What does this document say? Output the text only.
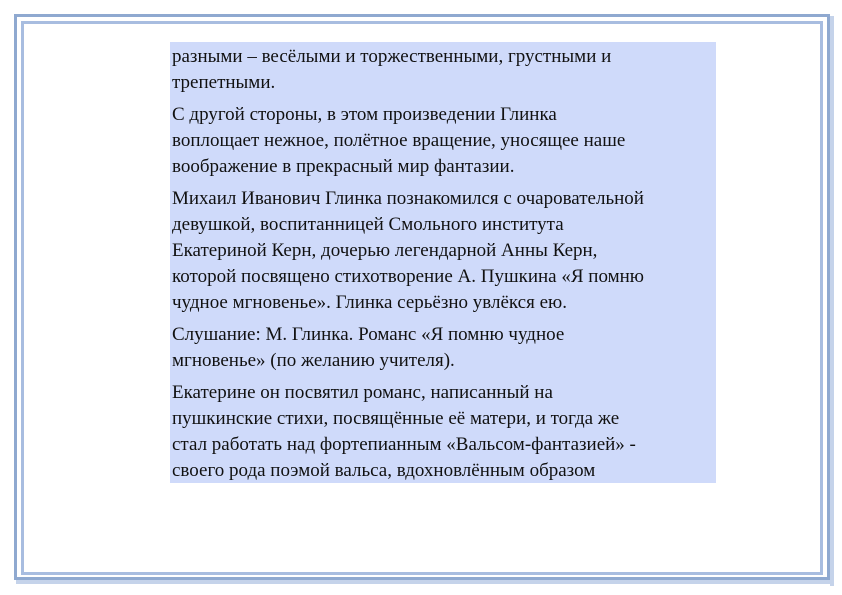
разными – весёлыми и торжественными, грустными и
трепетными.

С другой стороны, в этом произведении Глинка
воплощает нежное, полётное вращение, уносящее наше
воображение в прекрасный мир фантазии.

Михаил Иванович Глинка познакомился с очаровательной
девушкой, воспитанницей Смольного института
Екатериной Керн, дочерью легендарной Анны Керн,
которой посвящено стихотворение А. Пушкина «Я помню
чудное мгновенье». Глинка серьёзно увлёкся ею.

Слушание: М. Глинка. Романс «Я помню чудное
мгновенье» (по желанию учителя).

Екатерине он посвятил романс, написанный на
пушкинские стихи, посвящённые её матери, и тогда же
стал работать над фортепианным «Вальсом-фантазией» -
своего рода поэмой вальса, вдохновлённым образом
